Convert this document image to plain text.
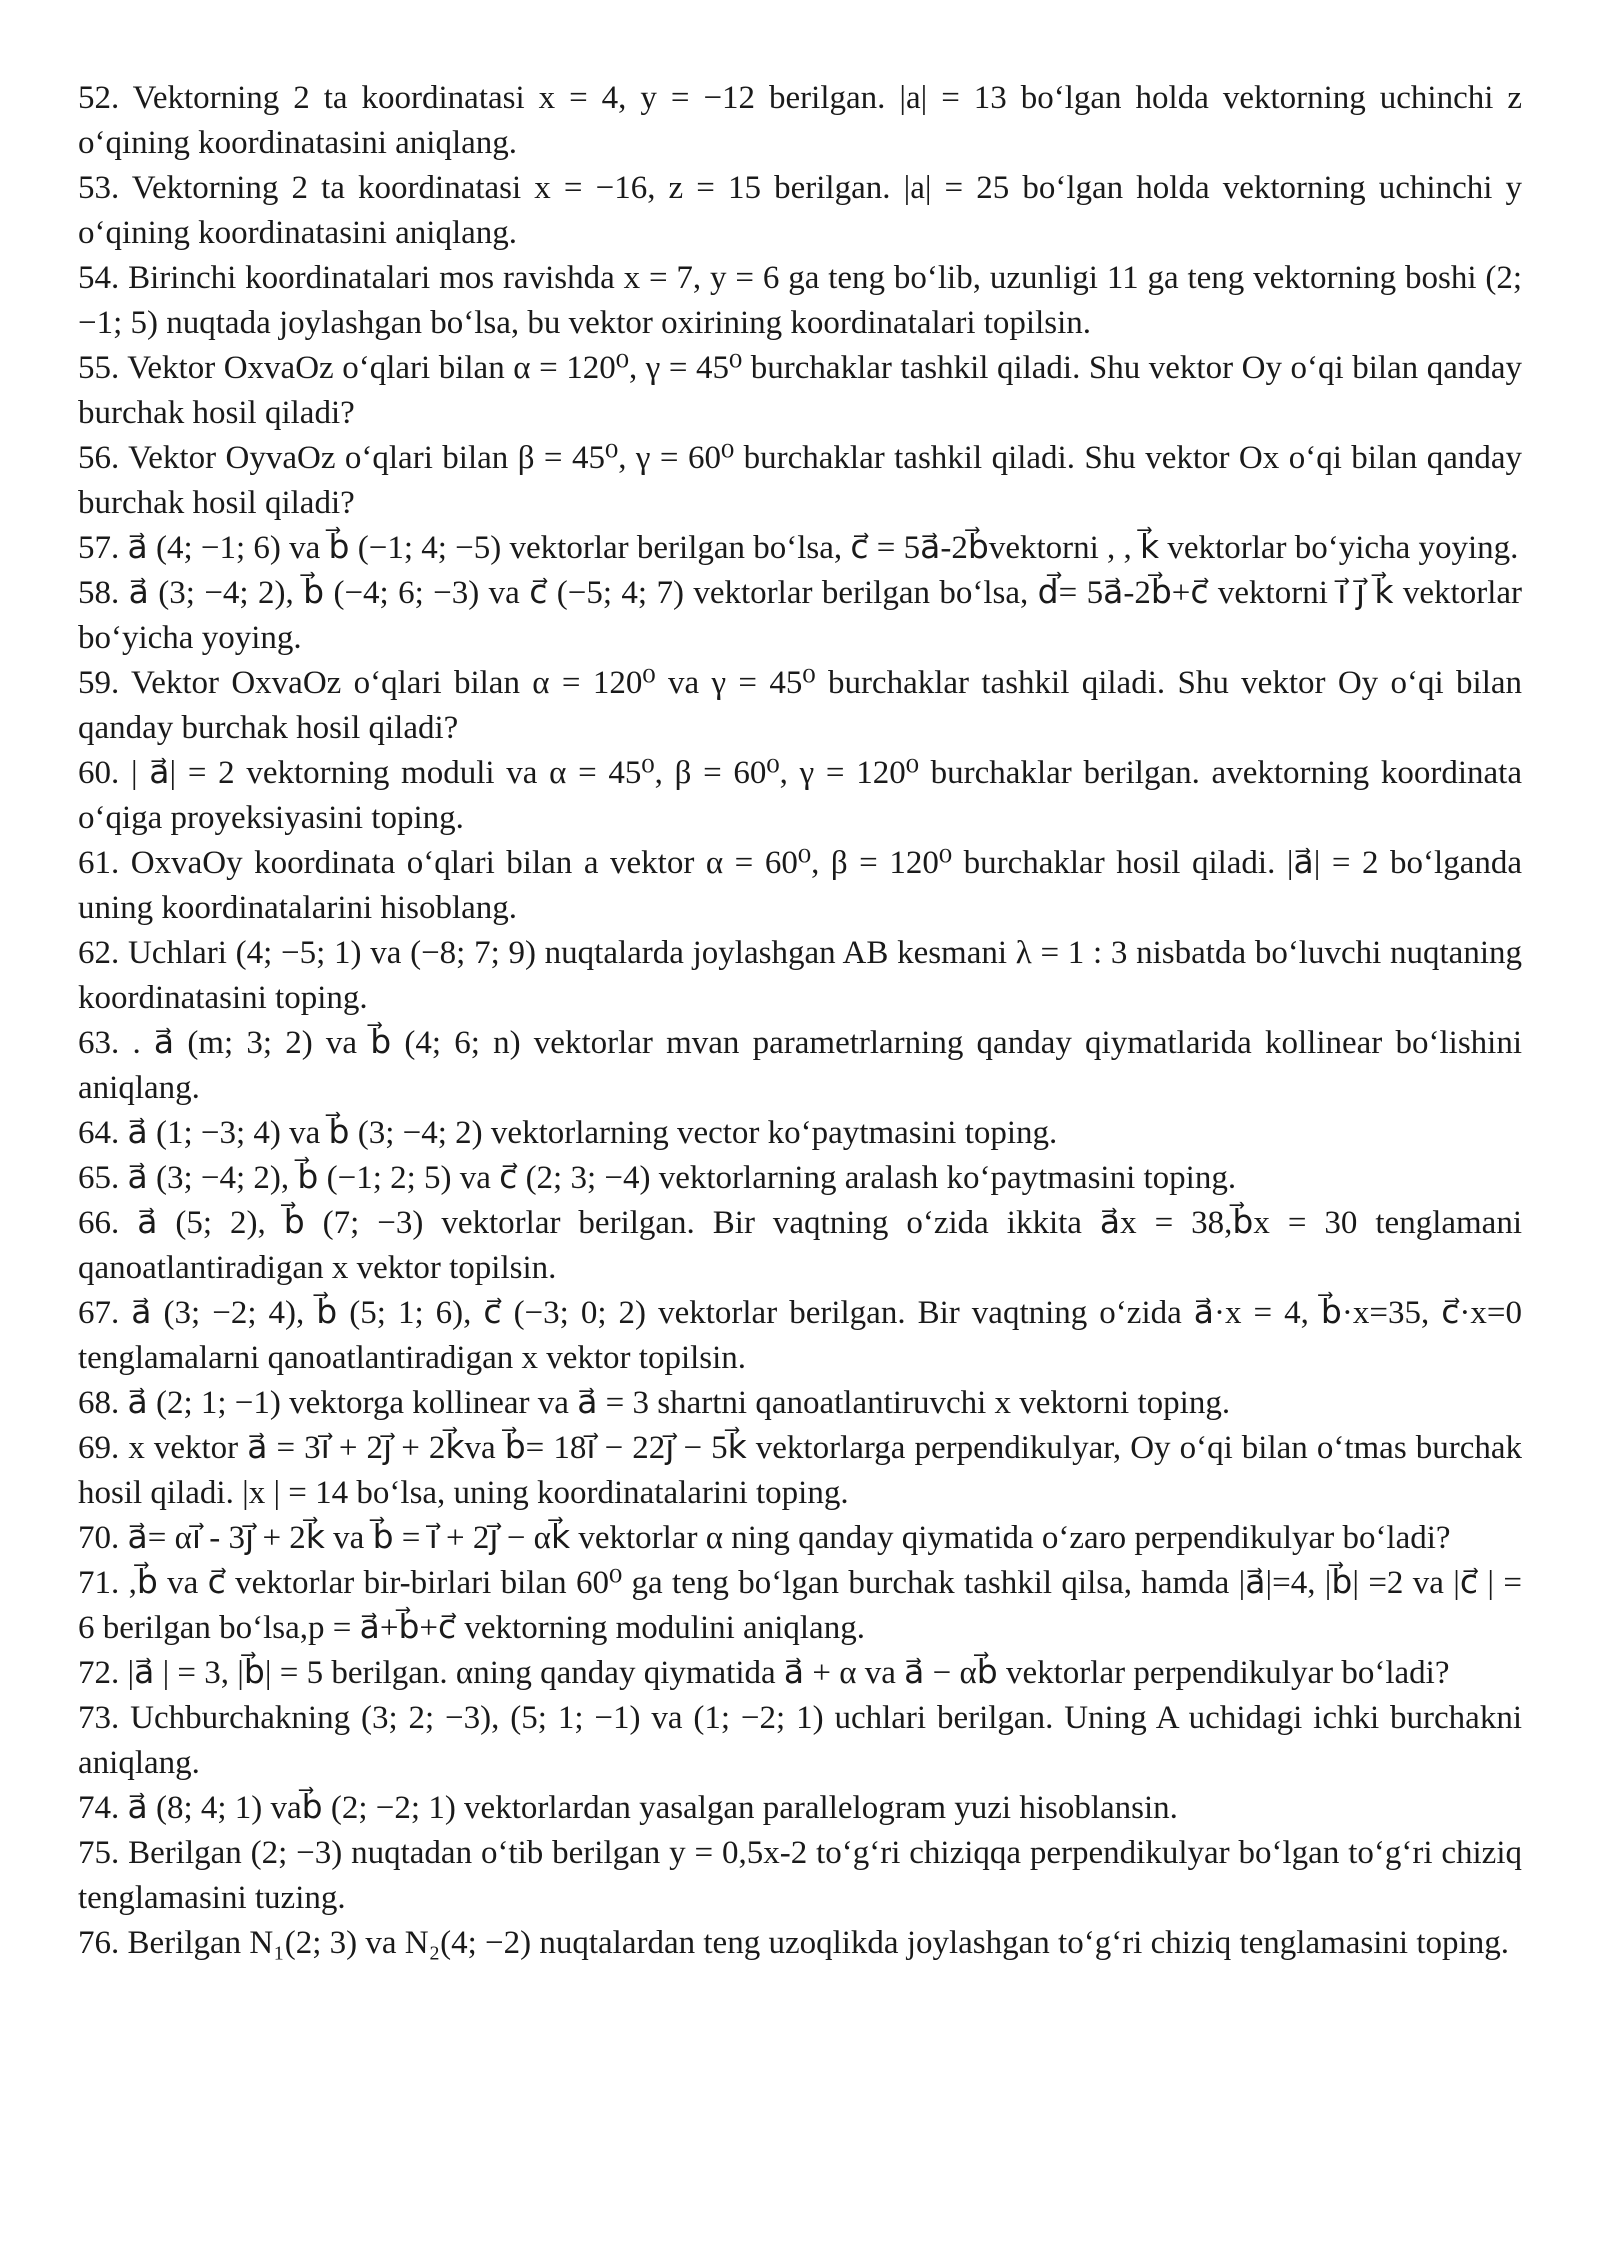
52. Vektorning 2 ta koordinatasi x = 4, y = −12 berilgan. |a| = 13 bo‘lgan holda vektorning uchinchi z o‘qining koordinatasini aniqlang.

53. Vektorning 2 ta koordinatasi x = −16, z = 15 berilgan. |a| = 25 bo‘lgan holda vektorning uchinchi y o‘qining koordinatasini aniqlang.

54. Birinchi koordinatalari mos ravishda x = 7, y = 6 ga teng bo‘lib, uzunligi 11 ga teng vektorning boshi (2; −1; 5) nuqtada joylashgan bo‘lsa, bu vektor oxirining koordinatalari topilsin.

55. Vektor OxvaOz o‘qlari bilan α = 120⁰, γ = 45⁰ burchaklar tashkil qiladi. Shu vektor Oy o‘qi bilan qanday burchak hosil qiladi?

56. Vektor OyvaOz o‘qlari bilan β = 45⁰, γ = 60⁰ burchaklar tashkil qiladi. Shu vektor Ox o‘qi bilan qanday burchak hosil qiladi?

57. a⃗ (4; −1; 6) va b⃗ (−1; 4; −5) vektorlar berilgan bo‘lsa, c⃗ = 5a⃗-2b⃗vektorni , , k⃗ vektorlar bo‘yicha yoying.

58. a⃗ (3; −4; 2), b⃗ (−4; 6; −3) va c⃗ (−5; 4; 7) vektorlar berilgan bo‘lsa, d⃗= 5a⃗-2b⃗+c⃗ vektorni i⃗ j⃗ k⃗ vektorlar bo‘yicha yoying.

59. Vektor OxvaOz o‘qlari bilan α = 120⁰ va γ = 45⁰ burchaklar tashkil qiladi. Shu vektor Oy o‘qi bilan qanday burchak hosil qiladi?

60. | a⃗| = 2 vektorning moduli va α = 45⁰, β = 60⁰, γ = 120⁰ burchaklar berilgan. avektorning koordinata o‘qiga proyeksiyasini toping.

61. OxvaOy koordinata o‘qlari bilan a vektor α = 60⁰, β = 120⁰ burchaklar hosil qiladi. |a⃗| = 2 bo‘lganda uning koordinatalarini hisoblang.

62. Uchlari (4; −5; 1) va (−8; 7; 9) nuqtalarda joylashgan AB kesmani λ = 1 : 3 nisbatda bo‘luvchi nuqtaning koordinatasini toping.

63. . a⃗ (m; 3; 2) va b⃗ (4; 6; n) vektorlar mvan parametrlarning qanday qiymatlarida kollinear bo‘lishini aniqlang.

64. a⃗ (1; −3; 4) va b⃗ (3; −4; 2) vektorlarning vector ko‘paytmasini toping.

65. a⃗ (3; −4; 2), b⃗ (−1; 2; 5) va c⃗ (2; 3; −4) vektorlarning aralash ko‘paytmasini toping.

66. a⃗ (5; 2), b⃗ (7; −3) vektorlar berilgan. Bir vaqtning o‘zida ikkita a⃗x = 38,b⃗x = 30 tenglamani qanoatlantiradigan x vektor topilsin.

67. a⃗ (3; −2; 4), b⃗ (5; 1; 6), c⃗ (−3; 0; 2) vektorlar berilgan. Bir vaqtning o‘zida a⃗·x = 4, b⃗·x=35, c⃗·x=0 tenglamalarni qanoatlantiradigan x vektor topilsin.

68. a⃗ (2; 1; −1) vektorga kollinear va a⃗ = 3 shartni qanoatlantiruvchi x vektorni toping.

69. x vektor a⃗ = 3i⃗ + 2j⃗ + 2k⃗va b⃗= 18i⃗ − 22j⃗ − 5k⃗ vektorlarga perpendikulyar, Oy o‘qi bilan o‘tmas burchak hosil qiladi. |x | = 14 bo‘lsa, uning koordinatalarini toping.

70. a⃗= αi⃗ - 3j⃗ + 2k⃗ va b⃗ = i⃗ + 2j⃗ − αk⃗ vektorlar α ning qanday qiymatida o‘zaro perpendikulyar bo‘ladi?

71. ,b⃗ va c⃗ vektorlar bir-birlari bilan 60⁰ ga teng bo‘lgan burchak tashkil qilsa, hamda |a⃗|=4, |b⃗| =2 va |c⃗ | = 6 berilgan bo‘lsa,p = a⃗+b⃗+c⃗ vektorning modulini aniqlang.

72. |a⃗ | = 3, |b⃗| = 5 berilgan. αning qanday qiymatida a⃗ + α va a⃗ − αb⃗ vektorlar perpendikulyar bo‘ladi?

73. Uchburchakning (3; 2; −3), (5; 1; −1) va (1; −2; 1) uchlari berilgan. Uning A uchidagi ichki burchakni aniqlang.

74. a⃗ (8; 4; 1) vab⃗ (2; −2; 1) vektorlardan yasalgan parallelogram yuzi hisoblansin.

75. Berilgan (2; −3) nuqtadan o‘tib berilgan y = 0,5x-2 to‘g‘ri chiziqqa perpendikulyar bo‘lgan to‘g‘ri chiziq tenglamasini tuzing.

76. Berilgan N₁(2; 3) va N₂(4; −2) nuqtalardan teng uzoqlikda joylashgan to‘g‘ri chiziq tenglamasini toping.
